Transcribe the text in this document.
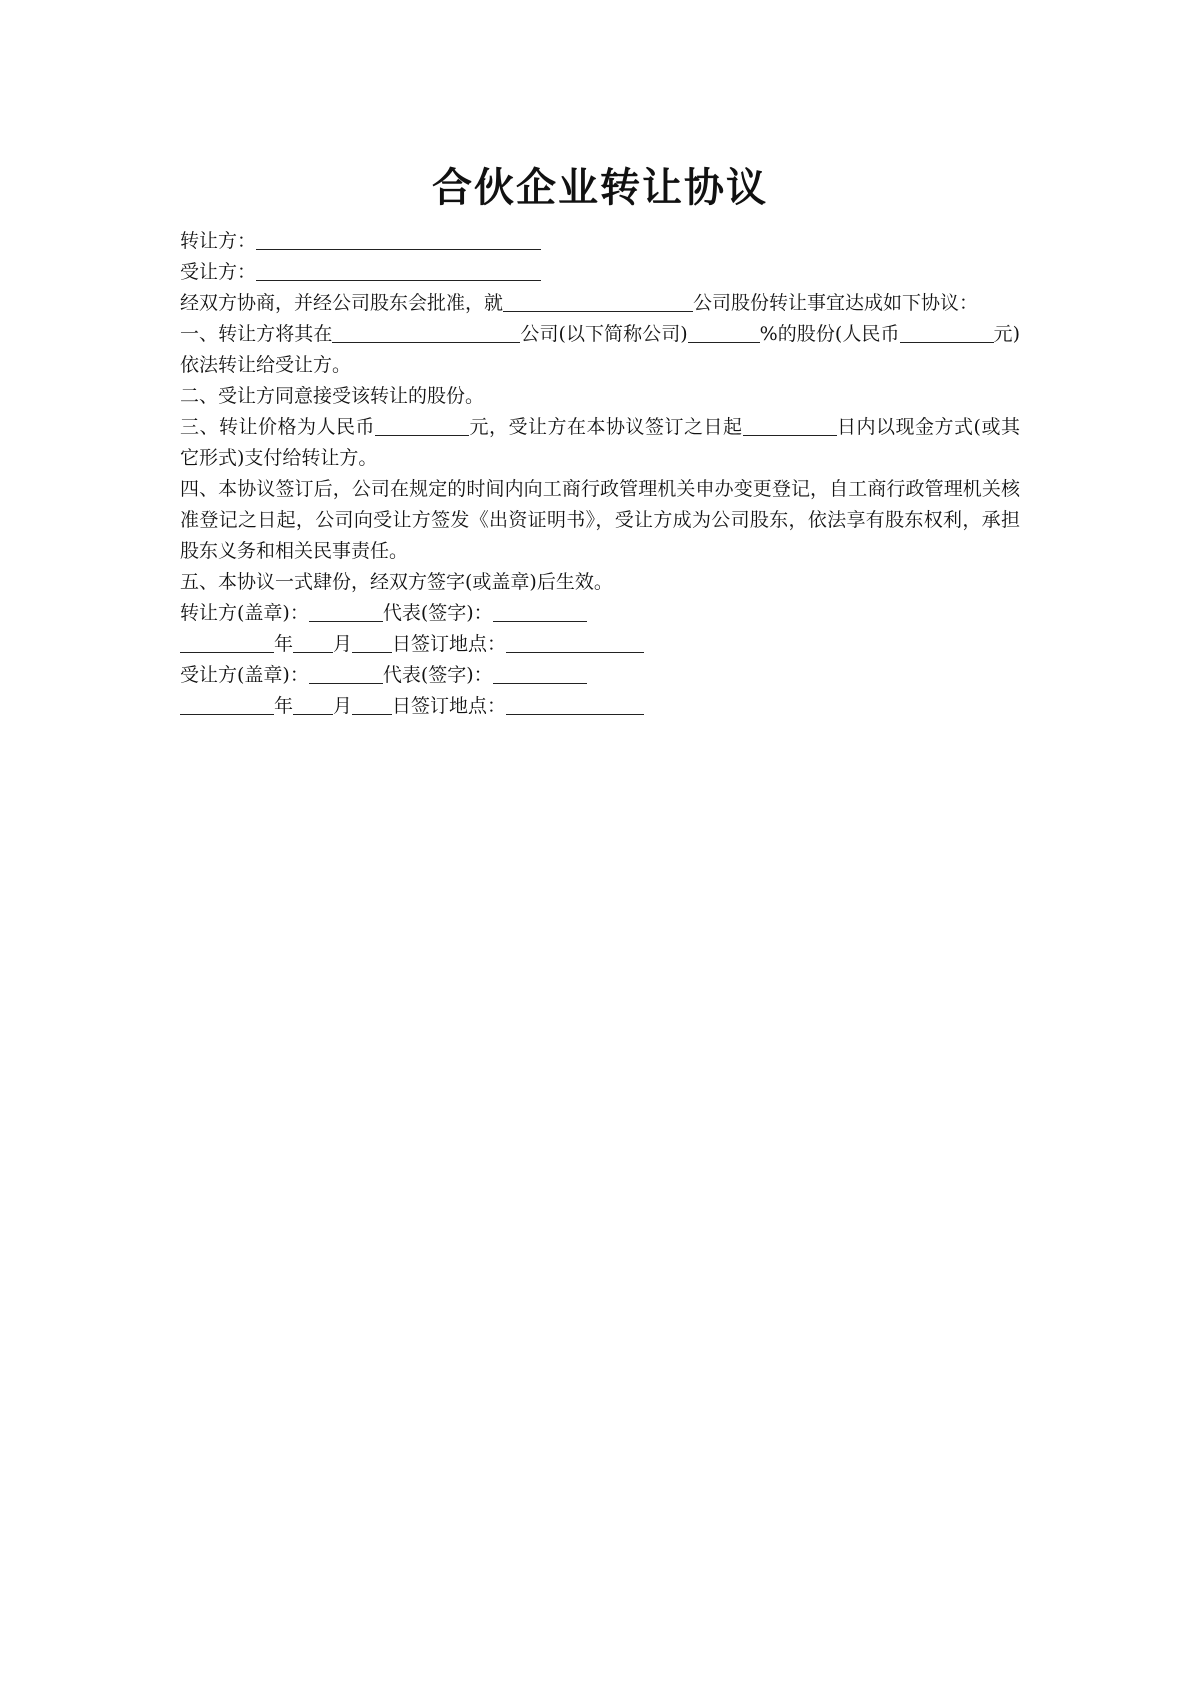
合伙企业转让协议

转让方：

受让方：

经双方协商，并经公司股东会批准，就	公司股份转让事宜达成如下协议：

一、转让方将其在	公司(以下简称公司)	%的股份(人民币	元)依法转让给受让方。

二、受让方同意接受该转让的股份。

三、转让价格为人民币	元，受让方在本协议签订之日起	日内以现金方式(或其它形式)支付给转让方。

四、本协议签订后，公司在规定的时间内向工商行政管理机关申办变更登记，自工商行政管理机关核准登记之日起，公司向受让方签发《出资证明书》，受让方成为公司股东，依法享有股东权利，承担股东义务和相关民事责任。

五、本协议一式肆份，经双方签字(或盖章)后生效。

转让方(盖章)：	代表(签字)：

年 月 日签订地点：

受让方(盖章)：	代表(签字)：

年 月 日签订地点：
